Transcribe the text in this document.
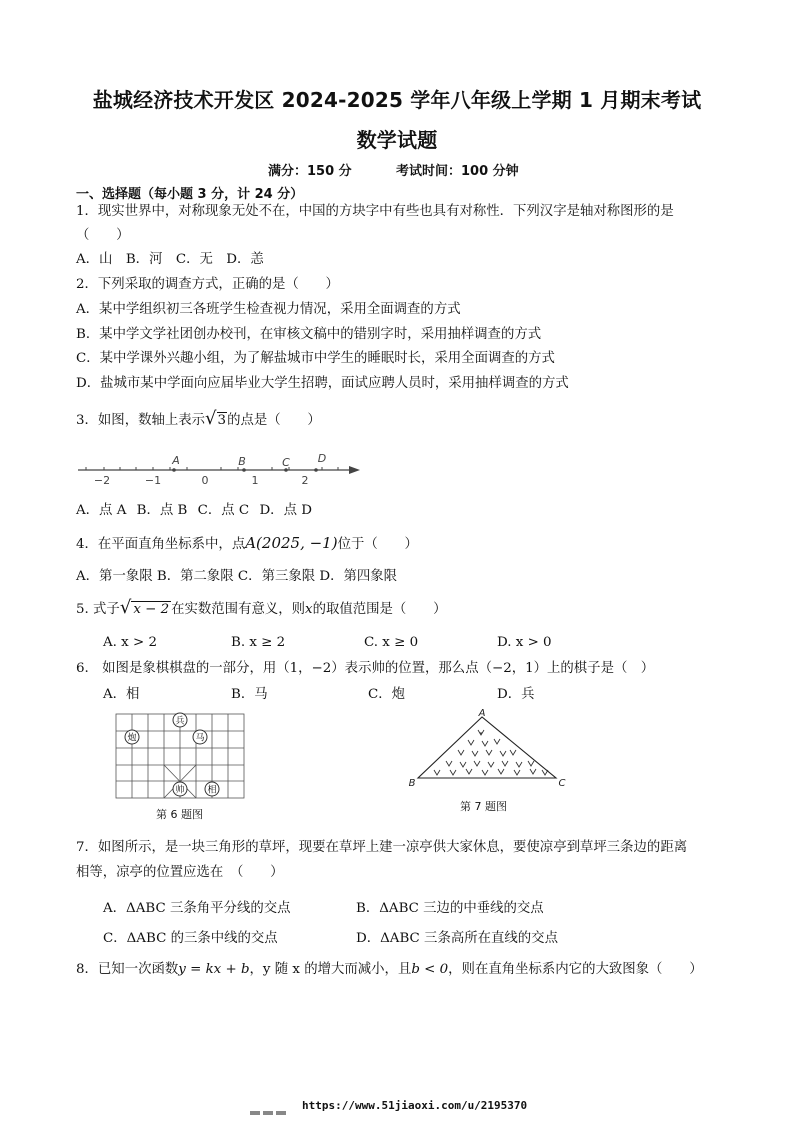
盐城经济技术开发区 2024-2025 学年八年级上学期 1 月期末考试
数学试题
满分：150 分	考试时间：100 分钟
一、选择题（每小题 3 分，计 24 分）
1．现实世界中，对称现象无处不在，中国的方块字中有些也具有对称性．下列汉字是轴对称图形的是
（　　）
A．山　B．河　C．无　D．恙
2．下列采取的调查方式，正确的是（　　）
A．某中学组织初三各班学生检查视力情况，采用全面调查的方式
B．某中学文学社团创办校刊，在审核文稿中的错别字时，采用抽样调查的方式
C．某中学课外兴趣小组，为了解盐城市中学生的睡眠时长，采用全面调查的方式
D．盐城市某中学面向应届毕业大学生招聘，面试应聘人员时，采用抽样调查的方式
3．如图，数轴上表示√3的点是（　　）
−2	−1	0	1	2
A	B	C	D
A．点 A B．点 B C．点 C D．点 D
4．在平面直角坐标系中，点A(2025, −1)位于（　　）
A．第一象限 B．第二象限 C．第三象限 D．第四象限
5. 式子√ x − 2 在实数范围有意义，则x的取值范围是（　　）
A. x > 2	B. x ≥ 2	C. x ≥ 0	D. x > 0
6.　如图是象棋棋盘的一部分，用（1，−2）表示帅的位置，那么点（−2，1）上的棋子是（　）
A．相	B．马	C．炮	D．兵
兵
炮	马
帅	相
第 6 题图
A
B	C
第 7 题图
7．如图所示，是一块三角形的草坪，现要在草坪上建一凉亭供大家休息，要使凉亭到草坪三条边的距离
相等，凉亭的位置应选在　（　　）
A．ΔABC 三条角平分线的交点	B．ΔABC 三边的中垂线的交点
C．ΔABC 的三条中线的交点	D．ΔABC 三条高所在直线的交点
8．已知一次函数y = kx + b，y 随 x 的增大而减小，且b < 0，则在直角坐标系内它的大致图象（　　）
https://www.51jiaoxi.com/u/2195370
